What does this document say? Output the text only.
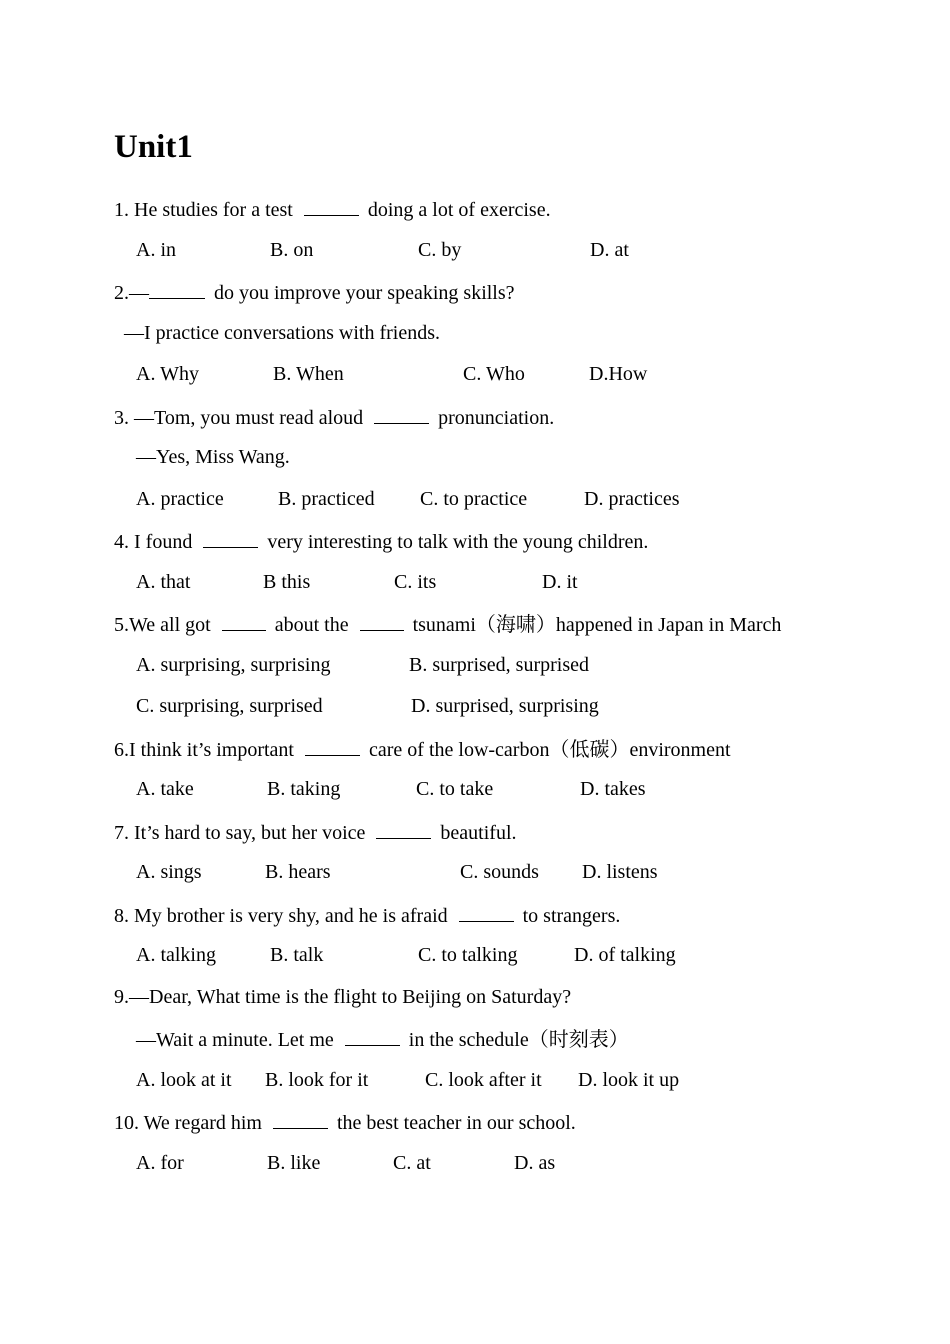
Unit1
1. He studies for a test	doing a lot of exercise.
A. in	B. on	C. by	D. at
2.—	do you improve your speaking skills?
—I practice conversations with friends.
A. Why	B. When	C. Who	D.How
3. —Tom, you must read aloud	pronunciation.
—Yes, Miss Wang.
A. practice	B. practiced C. to practice	D. practices
4. I found	very interesting to talk with the young children.
A. that	B this	C. its	D. it
5.We all got	about the	tsunami（海啸）happened in Japan in March
A. surprising, surprising	B. surprised, surprised
C. surprising, surprised	D. surprised, surprising
6.I think it’s important	care of the low-carbon（低碳）environment
A. take	B. taking	C. to take	D. takes
7. It’s hard to say, but her voice	beautiful.
A. sings	B. hears	C. sounds D. listens
8. My brother is very shy, and he is afraid	to strangers.
A. talking	B. talk	C. to talking	D. of talking
9.—Dear, What time is the flight to Beijing on Saturday?
—Wait a minute. Let me	in the schedule（时刻表）
A. look at it B. look for it	C. look after it D. look it up
10. We regard him	the best teacher in our school.
A. for	B. like	C. at	D. as
